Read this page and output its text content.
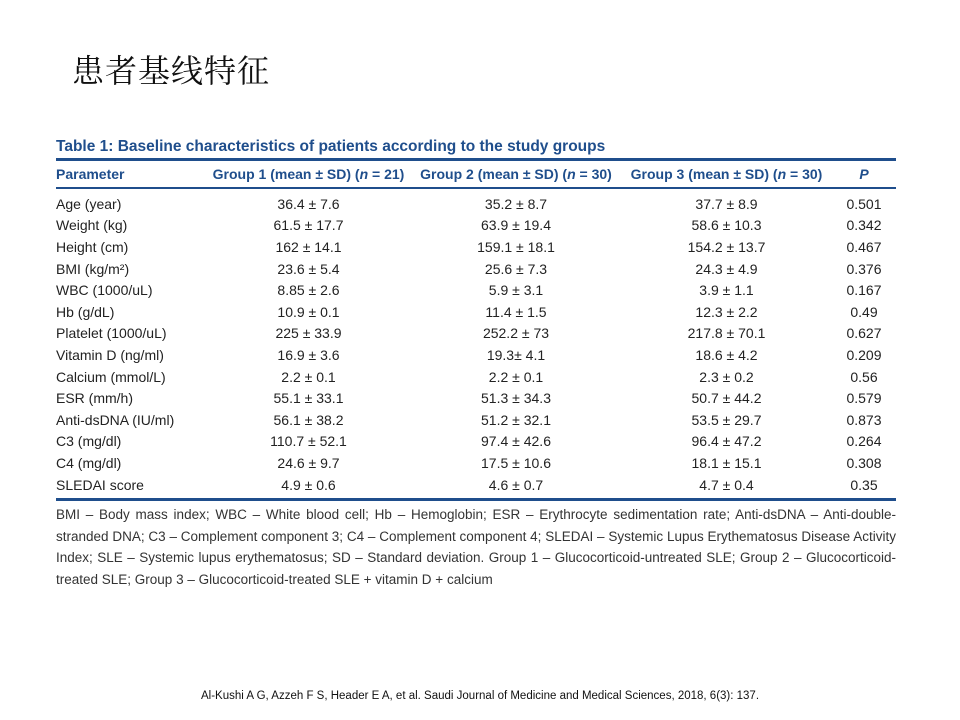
患者基线特征
Table 1: Baseline characteristics of patients according to the study groups
Parameter	Group 1 (mean ± SD) (n = 21)	Group 2 (mean ± SD) (n = 30)	Group 3 (mean ± SD) (n = 30)	P
Age (year)	36.4 ± 7.6	35.2 ± 8.7	37.7 ± 8.9	0.501
Weight (kg)	61.5 ± 17.7	63.9 ± 19.4	58.6 ± 10.3	0.342
Height (cm)	162 ± 14.1	159.1 ± 18.1	154.2 ± 13.7	0.467
BMI (kg/m²)	23.6 ± 5.4	25.6 ± 7.3	24.3 ± 4.9	0.376
WBC (1000/uL)	8.85 ± 2.6	5.9 ± 3.1	3.9 ± 1.1	0.167
Hb (g/dL)	10.9 ± 0.1	11.4 ± 1.5	12.3 ± 2.2	0.49
Platelet (1000/uL)	225 ± 33.9	252.2 ± 73	217.8 ± 70.1	0.627
Vitamin D (ng/ml)	16.9 ± 3.6	19.3± 4.1	18.6 ± 4.2	0.209
Calcium (mmol/L)	2.2 ± 0.1	2.2 ± 0.1	2.3 ± 0.2	0.56
ESR (mm/h)	55.1 ± 33.1	51.3 ± 34.3	50.7 ± 44.2	0.579
Anti-dsDNA (IU/ml)	56.1 ± 38.2	51.2 ± 32.1	53.5 ± 29.7	0.873
C3 (mg/dl)	110.7 ± 52.1	97.4 ± 42.6	96.4 ± 47.2	0.264
C4 (mg/dl)	24.6 ± 9.7	17.5 ± 10.6	18.1 ± 15.1	0.308
SLEDAI score	4.9 ± 0.6	4.6 ± 0.7	4.7 ± 0.4	0.35
BMI – Body mass index; WBC – White blood cell; Hb – Hemoglobin; ESR – Erythrocyte sedimentation rate; Anti-dsDNA – Anti-double-stranded DNA; C3 – Complement component 3; C4 – Complement component 4; SLEDAI – Systemic Lupus Erythematosus Disease Activity Index; SLE – Systemic lupus erythematosus; SD – Standard deviation. Group 1 – Glucocorticoid-untreated SLE; Group 2 – Glucocorticoid-treated SLE; Group 3 – Glucocorticoid-treated SLE + vitamin D + calcium
Al-Kushi A G, Azzeh F S, Header E A, et al. Saudi Journal of Medicine and Medical Sciences, 2018, 6(3): 137.
